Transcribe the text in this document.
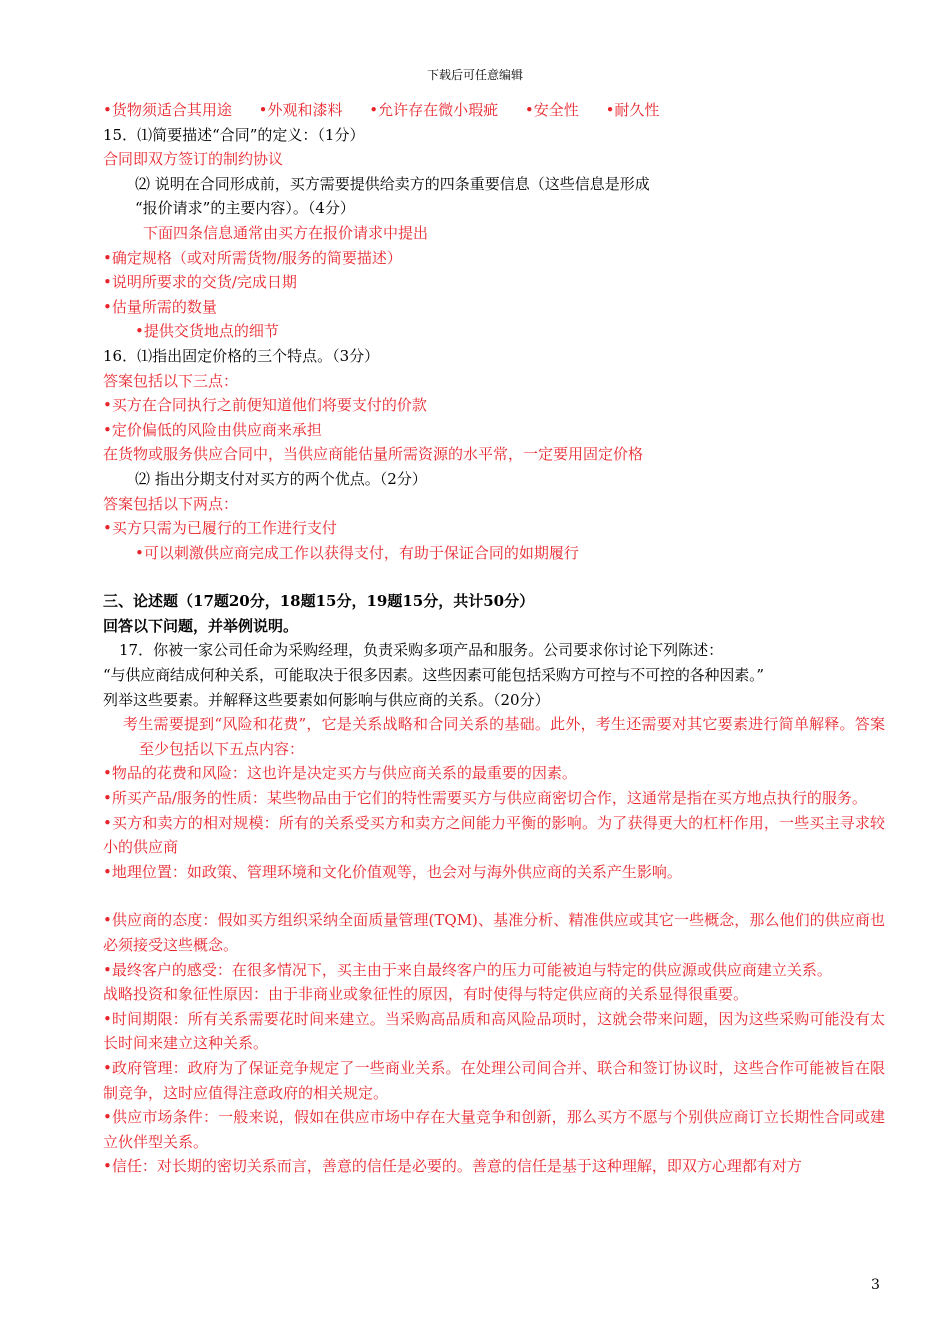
下载后可任意编辑
•货物须适合其用途 •外观和漆料 •允许存在微小瑕疵 •安全性 •耐久性
15．⑴简要描述“合同”的定义：（1分）
合同即双方签订的制约协议
⑵ 说明在合同形成前，买方需要提供给卖方的四条重要信息（这些信息是形成
“报价请求”的主要内容）。（4分）
下面四条信息通常由买方在报价请求中提出
•确定规格（或对所需货物/服务的简要描述）
•说明所要求的交货/完成日期
•估量所需的数量
•提供交货地点的细节
16．⑴指出固定价格的三个特点。（3分）
答案包括以下三点：
•买方在合同执行之前便知道他们将要支付的价款
•定价偏低的风险由供应商来承担
在货物或服务供应合同中，当供应商能估量所需资源的水平常，一定要用固定价格
⑵ 指出分期支付对买方的两个优点。（2分）
答案包括以下两点：
•买方只需为已履行的工作进行支付
•可以刺激供应商完成工作以获得支付，有助于保证合同的如期履行
三、论述题（17题20分，18题15分，19题15分，共计50分）
回答以下问题，并举例说明。
17．你被一家公司任命为采购经理，负责采购多项产品和服务。公司要求你讨论下列陈述：
“与供应商结成何种关系，可能取决于很多因素。这些因素可能包括采购方可控与不可控的各种因素。”
列举这些要素。并解释这些要素如何影响与供应商的关系。（20分）
考生需要提到“风险和花费”，它是关系战略和合同关系的基础。此外，考生还需要对其它要素进行简单解释。答案至少包括以下五点内容：
•物品的花费和风险：这也许是决定买方与供应商关系的最重要的因素。
•所买产品/服务的性质：某些物品由于它们的特性需要买方与供应商密切合作，这通常是指在买方地点执行的服务。
•买方和卖方的相对规模：所有的关系受买方和卖方之间能力平衡的影响。为了获得更大的杠杆作用，一些买主寻求较小的供应商
•地理位置：如政策、管理环境和文化价值观等，也会对与海外供应商的关系产生影响。
•供应商的态度：假如买方组织采纳全面质量管理(TQM)、基准分析、精准供应或其它一些概念，那么他们的供应商也必须接受这些概念。
•最终客户的感受：在很多情况下，买主由于来自最终客户的压力可能被迫与特定的供应源或供应商建立关系。
战略投资和象征性原因：由于非商业或象征性的原因，有时使得与特定供应商的关系显得很重要。
•时间期限：所有关系需要花时间来建立。当采购高品质和高风险品项时，这就会带来问题，因为这些采购可能没有太长时间来建立这种关系。
•政府管理：政府为了保证竞争规定了一些商业关系。在处理公司间合并、联合和签订协议时，这些合作可能被旨在限制竞争，这时应值得注意政府的相关规定。
•供应市场条件：一般来说，假如在供应市场中存在大量竞争和创新，那么买方不愿与个别供应商订立长期性合同或建立伙伴型关系。
•信任：对长期的密切关系而言，善意的信任是必要的。善意的信任是基于这种理解，即双方心理都有对方
3
